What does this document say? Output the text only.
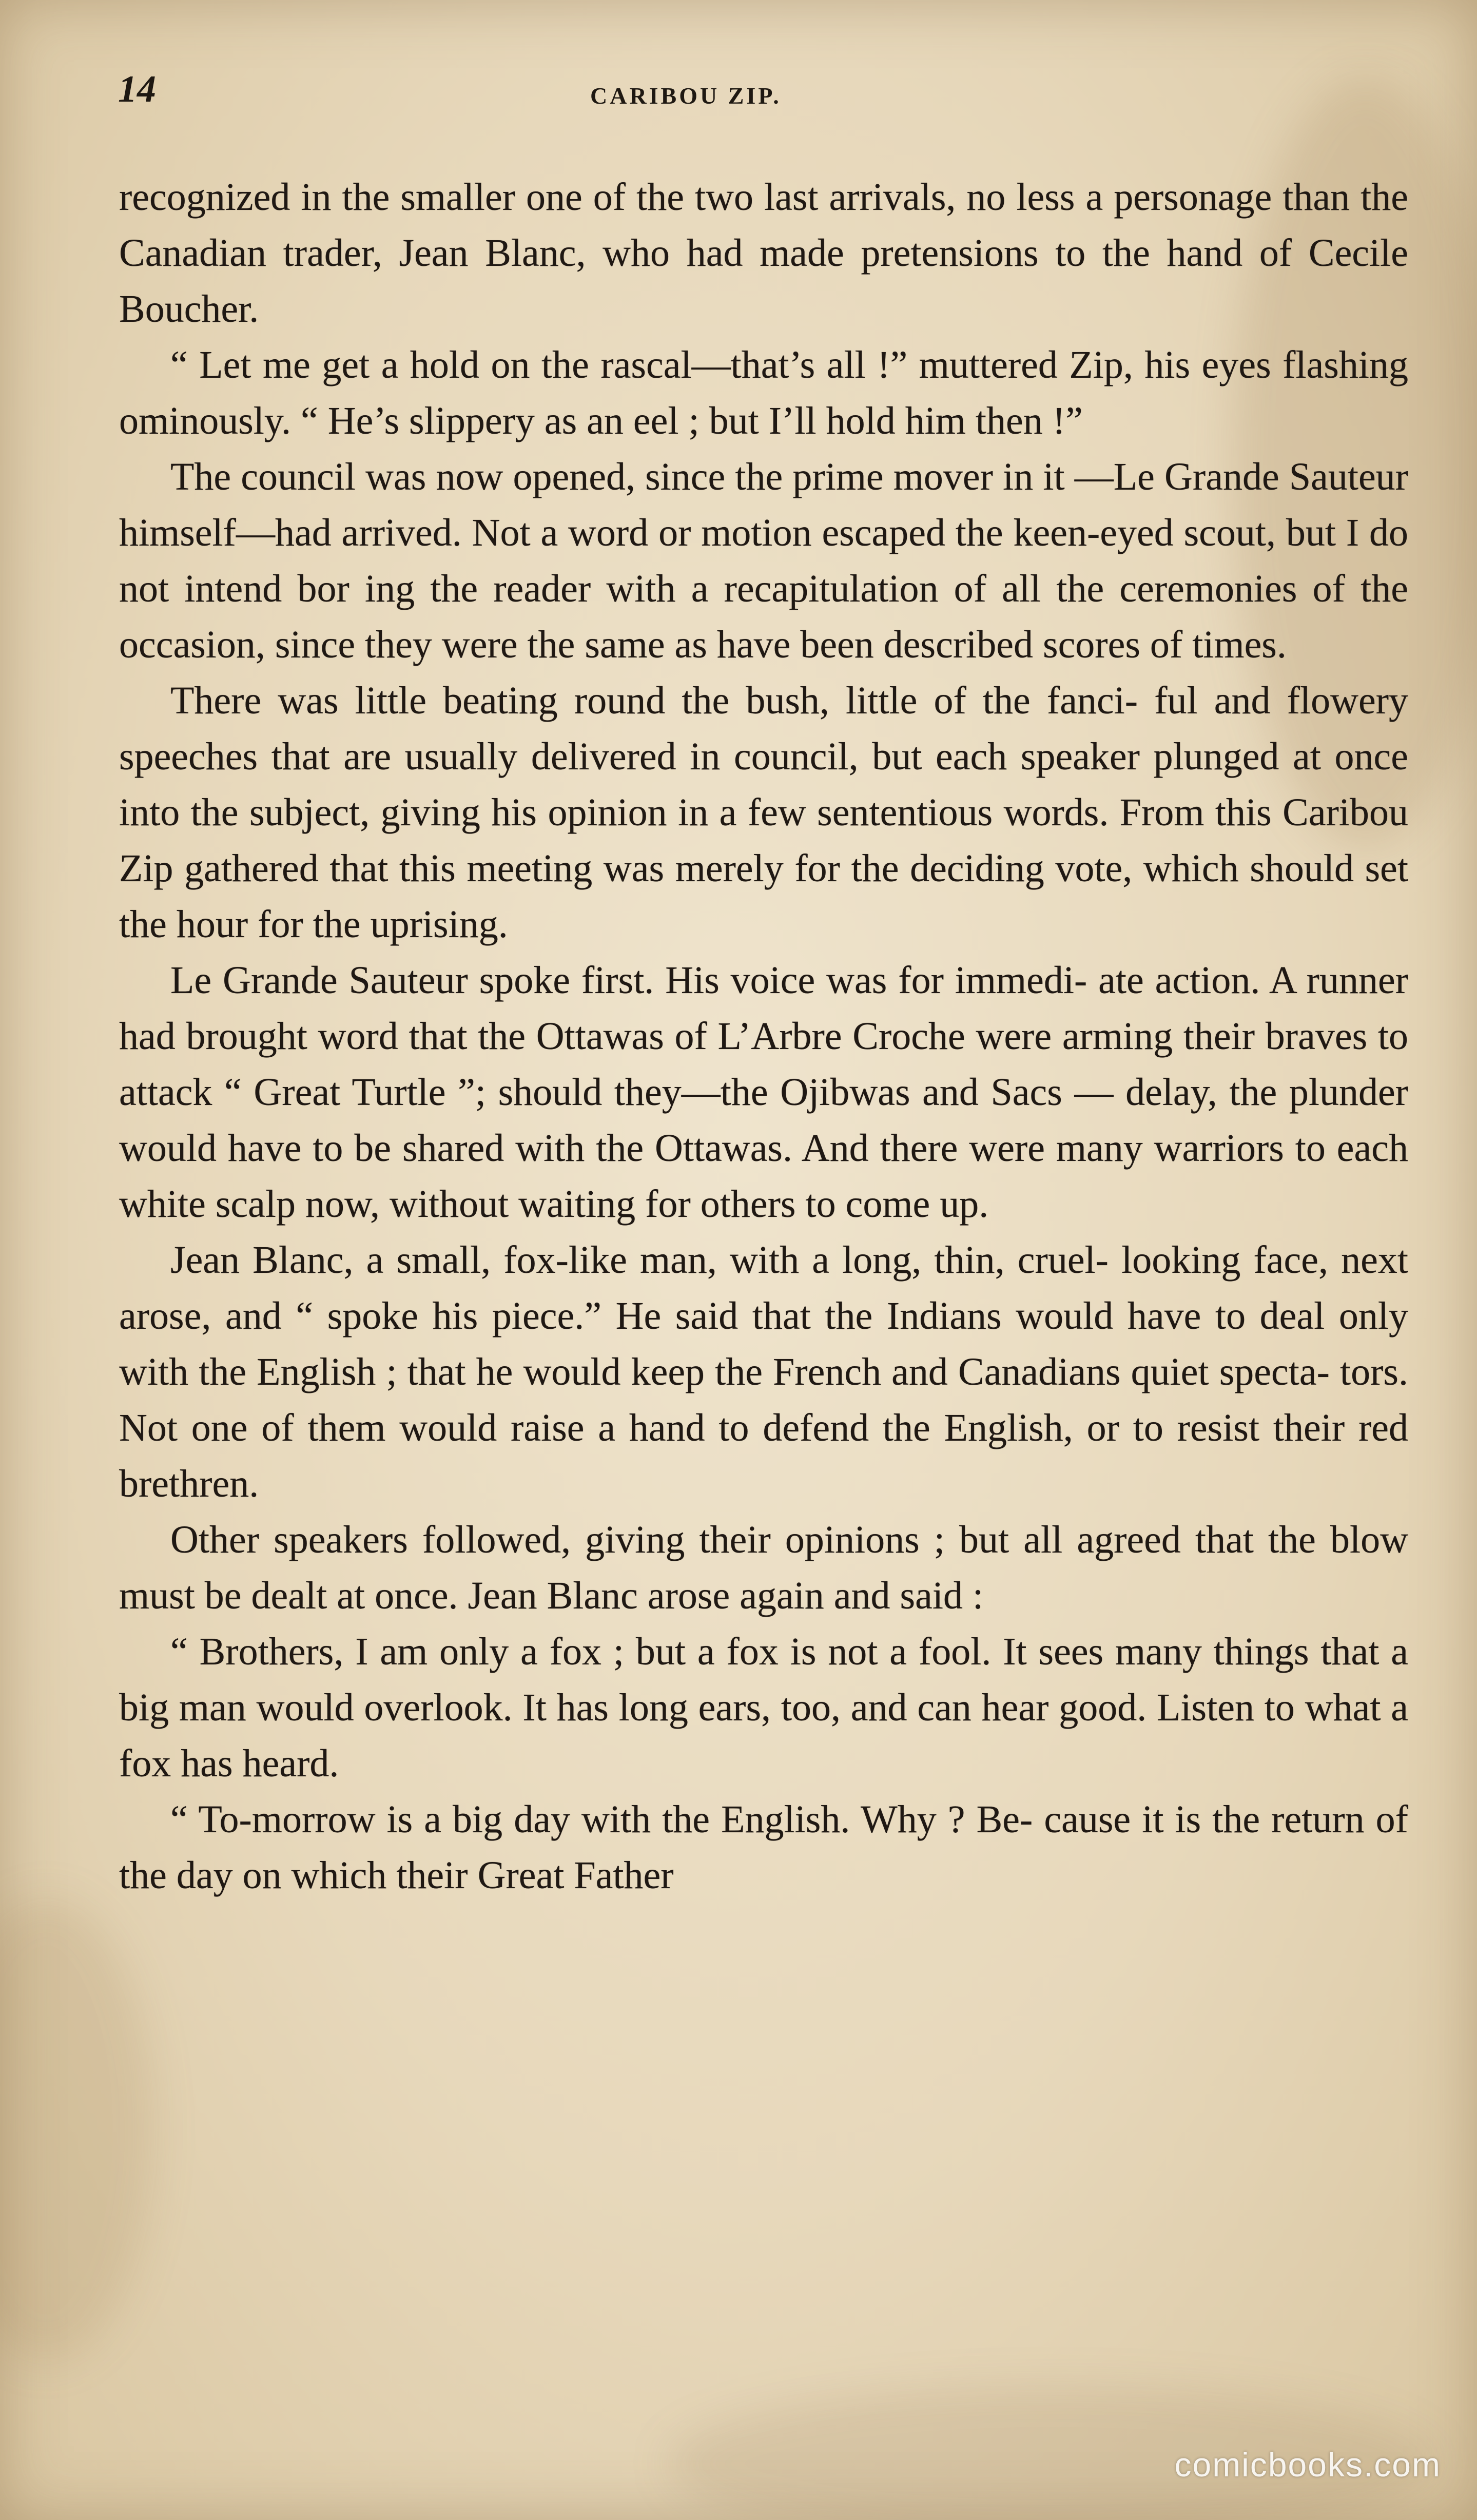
14	CARIBOU ZIP.

recognized in the smaller one of the two last arrivals, no less a personage than the Canadian trader, Jean Blanc, who had made pretensions to the hand of Cecile Boucher.

“ Let me get a hold on the rascal—that’s all !” muttered Zip, his eyes flashing ominously. “ He’s slippery as an eel ; but I’ll hold him then !”

The council was now opened, since the prime mover in it —Le Grande Sauteur himself—had arrived. Not a word or motion escaped the keen-eyed scout, but I do not intend bor ing the reader with a recapitulation of all the ceremonies of the occasion, since they were the same as have been described scores of times.

There was little beating round the bush, little of the fanci- ful and flowery speeches that are usually delivered in council, but each speaker plunged at once into the subject, giving his opinion in a few sententious words. From this Caribou Zip gathered that this meeting was merely for the deciding vote, which should set the hour for the uprising.

Le Grande Sauteur spoke first. His voice was for immedi- ate action. A runner had brought word that the Ottawas of L’Arbre Croche were arming their braves to attack “ Great Turtle ”; should they—the Ojibwas and Sacs — delay, the plunder would have to be shared with the Ottawas. And there were many warriors to each white scalp now, without waiting for others to come up.

Jean Blanc, a small, fox-like man, with a long, thin, cruel- looking face, next arose, and “ spoke his piece.” He said that the Indians would have to deal only with the English ; that he would keep the French and Canadians quiet specta- tors. Not one of them would raise a hand to defend the English, or to resist their red brethren.

Other speakers followed, giving their opinions ; but all agreed that the blow must be dealt at once. Jean Blanc arose again and said :

“ Brothers, I am only a fox ; but a fox is not a fool. It sees many things that a big man would overlook. It has long ears, too, and can hear good. Listen to what a fox has heard.

“ To-morrow is a big day with the English. Why ? Be- cause it is the return of the day on which their Great Father

comicbooks.com
